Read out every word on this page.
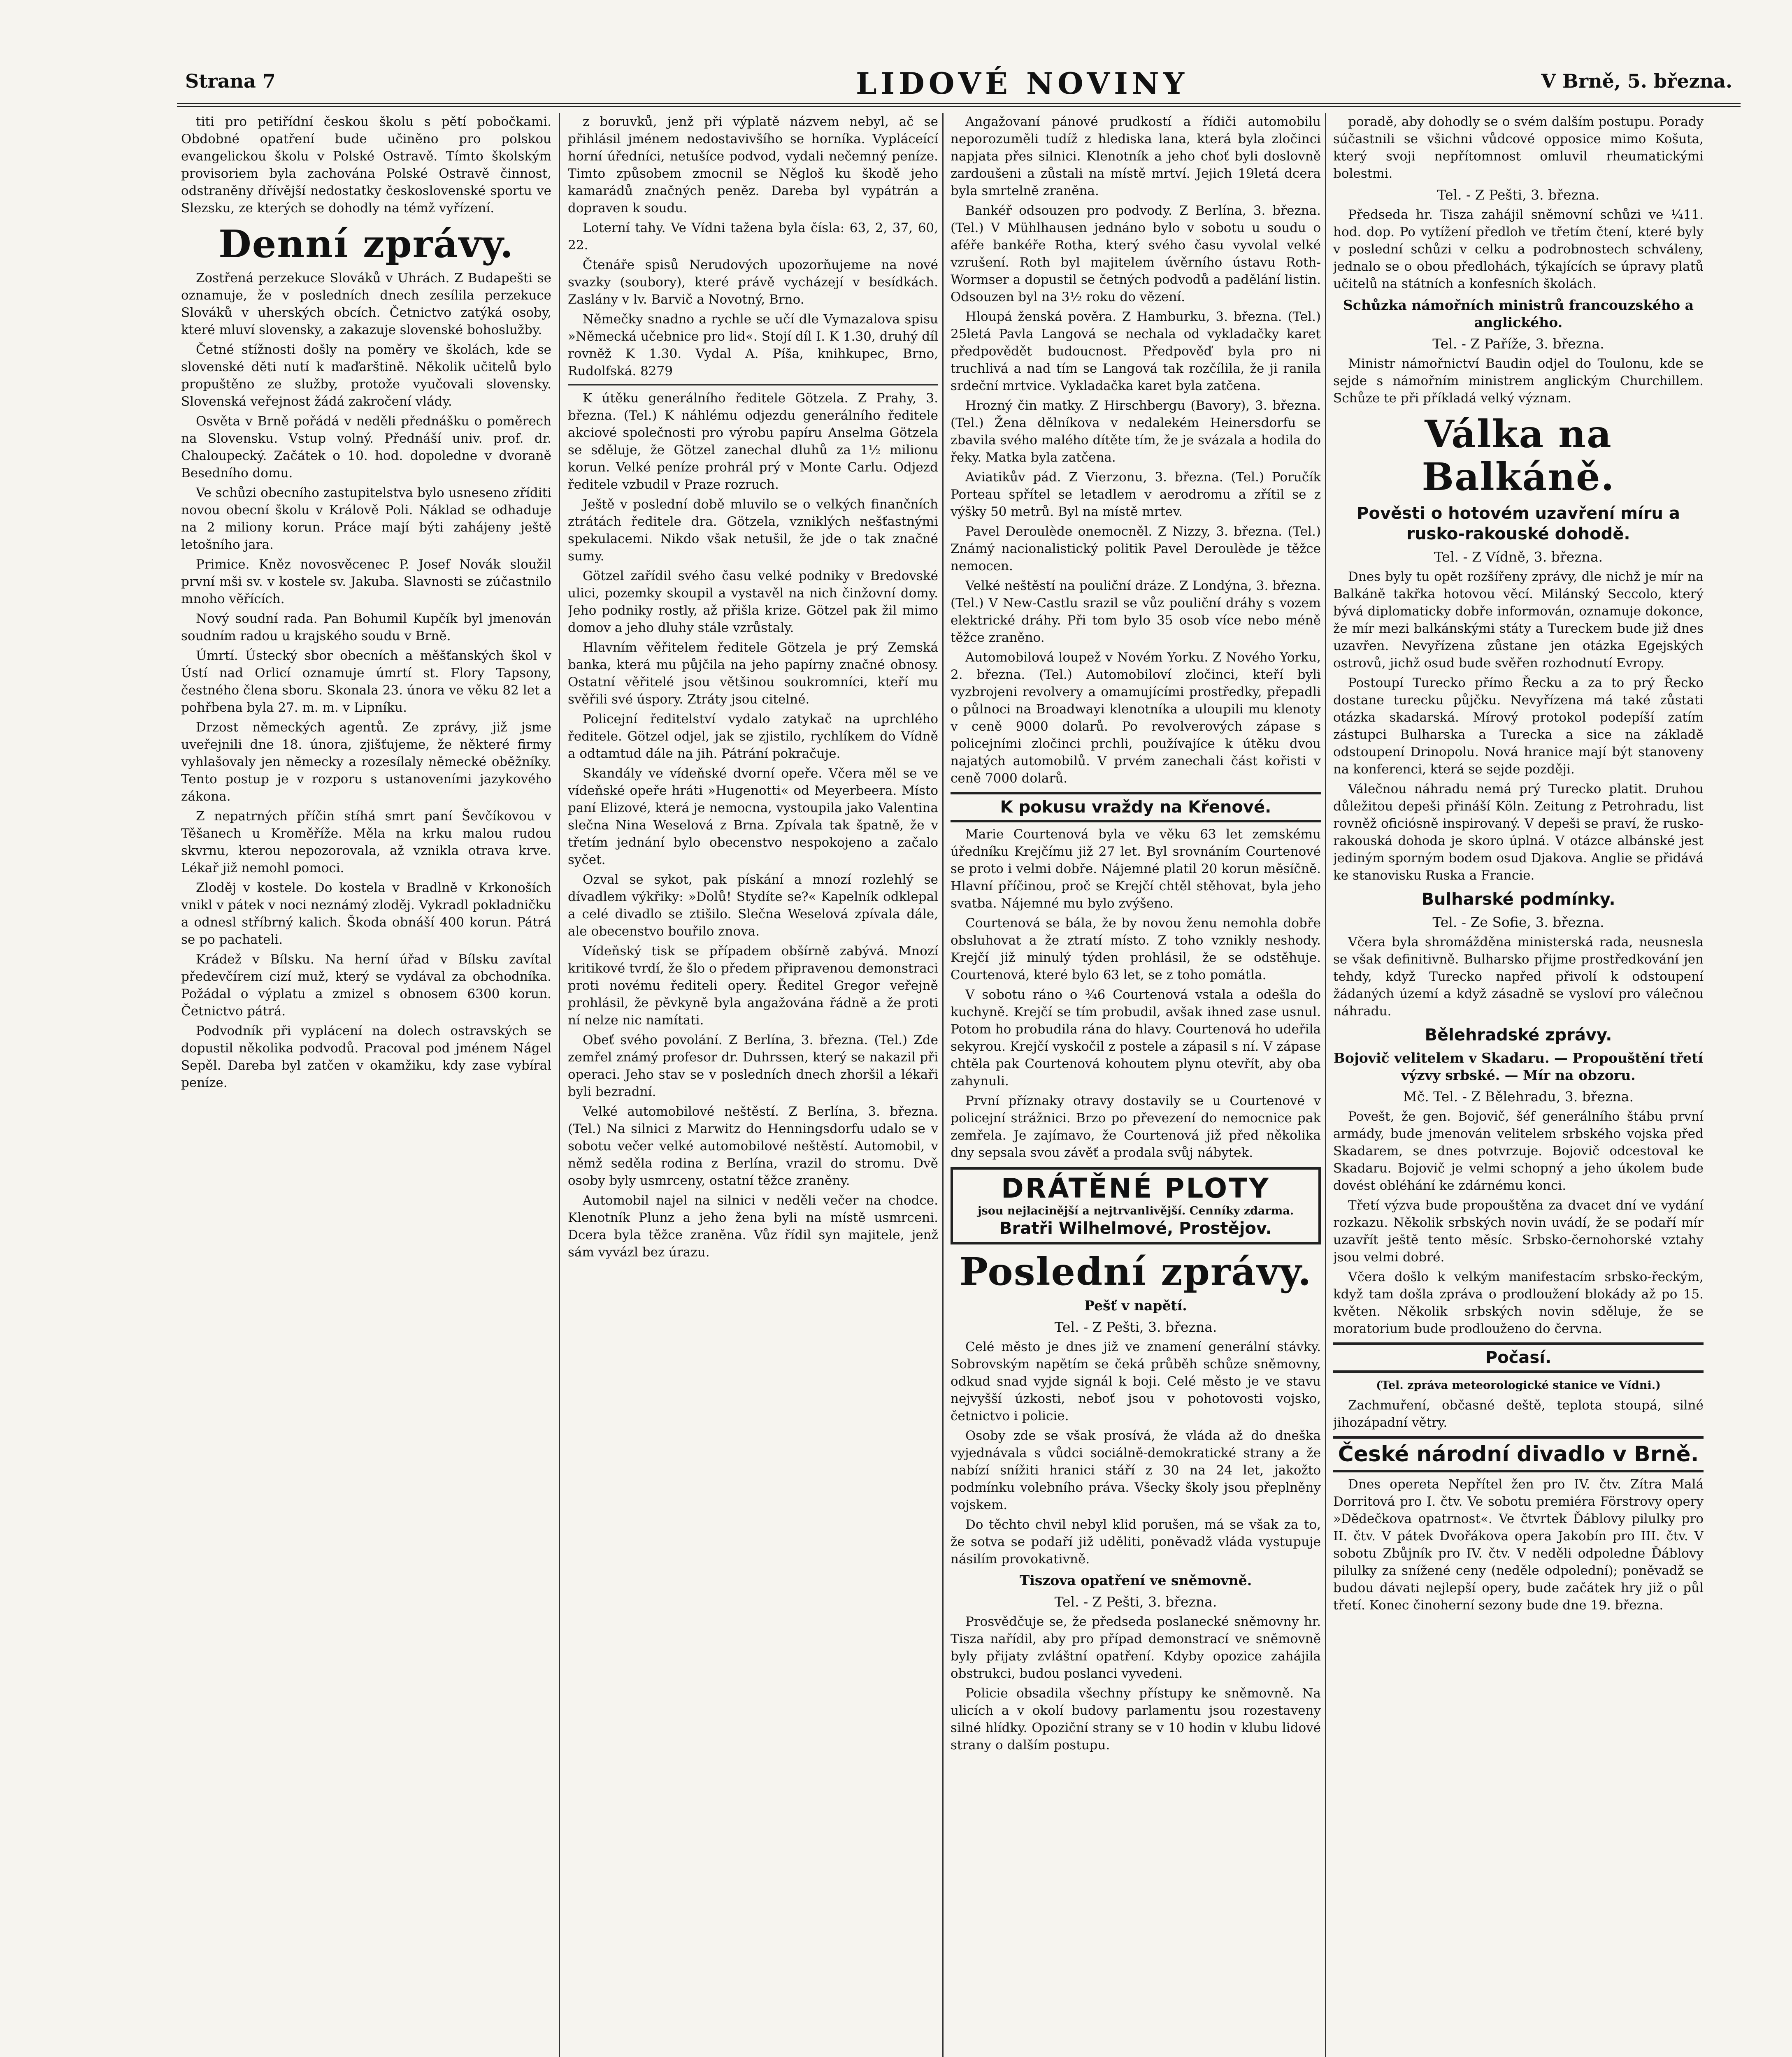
Strana 7	LIDOVÉ NOVINY	V Brně, 5. března.

titi pro petiřídní českou školu s pětí pobočkami. Obdobné opatření bude učiněno pro polskou evangelickou školu v Polské Ostravě. Tímto školským provisoriem byla zachována Polské Ostravě činnost, odstraněny dřívější nedostatky československé sportu ve Slezsku, ze kterých se dohodly na témž vyřízení.

Denní zprávy.

Zostřená perzekuce Slováků v Uhrách. Z Budapešti se oznamuje, že v posledních dnech zesílila perzekuce Slováků v uherských obcích. Četnictvo zatýká osoby, které mluví slovensky, a zakazuje slovenské bohoslužby.

Četné stížnosti došly na poměry ve školách, kde se slovenské děti nutí k maďarštině. Několik učitelů bylo propuštěno ze služby, protože vyučovali slovensky. Slovenská veřejnost žádá zakročení vlády.

Osvěta v Brně pořádá v neděli přednášku o poměrech na Slovensku. Vstup volný. Přednáší univ. prof. dr. Chaloupecký. Začátek o 10. hod. dopoledne v dvoraně Besedního domu.

Ve schůzi obecního zastupitelstva bylo usneseno zříditi novou obecní školu v Králově Poli. Náklad se odhaduje na 2 miliony korun. Práce mají býti zahájeny ještě letošního jara.

Primice. Kněz novosvěcenec P. Josef Novák sloužil první mši sv. v kostele sv. Jakuba. Slavnosti se zúčastnilo mnoho věřících.

Nový soudní rada. Pan Bohumil Kupčík byl jmenován soudním radou u krajského soudu v Brně.

Úmrtí. Ústecký sbor obecních a měšťanských škol v Ústí nad Orlicí oznamuje úmrtí st. Flory Tapsony, čestného člena sboru. Skonala 23. února ve věku 82 let a pohřbena byla 27. m. m. v Lipníku.

Drzost německých agentů. Ze zprávy, již jsme uveřejnili dne 18. února, zjišťujeme, že některé firmy vyhlašovaly jen německy a rozesílaly německé oběžníky. Tento postup je v rozporu s ustanoveními jazykového zákona.

Z nepatrných příčin stíhá smrt paní Ševčíkovou v Těšanech u Kroměříže. Měla na krku malou rudou skvrnu, kterou nepozorovala, až vznikla otrava krve. Lékař již nemohl pomoci.

Zloděj v kostele. Do kostela v Bradlně v Krkonoších vnikl v pátek v noci neznámý zloděj. Vykradl pokladničku a odnesl stříbrný kalich. Škoda obnáší 400 korun. Pátrá se po pachateli.

Krádež v Bílsku. Na herní úřad v Bílsku zavítal předevčírem cizí muž, který se vydával za obchodníka. Požádal o výplatu a zmizel s obnosem 6300 korun. Četnictvo pátrá.

Podvodník při vyplácení na dolech ostravských se dopustil několika podvodů. Pracoval pod jménem Nágel Sepěl. Dareba byl zatčen v okamžiku, kdy zase vybíral peníze.

z boruvků, jenž při výplatě názvem nebyl, ač se přihlásil jménem nedostavivšího se horníka. Vypláceící horní úředníci, netušíce podvod, vydali nečemný peníze. Timto způsobem zmocnil se Něgloš ku škodě jeho kamarádů značných peněz. Dareba byl vypátrán a dopraven k soudu.

Loterní tahy. Ve Vídni tažena byla čísla: 63, 2, 37, 60, 22.

Čtenáře spisů Nerudových upozorňujeme na nové svazky (soubory), které právě vycházejí v besídkách. Zaslány v lv. Barvič a Novotný, Brno.

Němečky snadno a rychle se učí dle Vymazalova spisu »Německá učebnice pro lid«. Stojí díl I. K 1.30, druhý díl rovněž K 1.30. Vydal A. Píša, knihkupec, Brno, Rudolfská. 8279

K útěku generálního ředitele Götzela. Z Prahy, 3. března. (Tel.) K náhlému odjezdu generálního ředitele akciové společnosti pro výrobu papíru Anselma Götzela se sděluje, že Götzel zanechal dluhů za 1½ milionu korun. Velké peníze prohrál prý v Monte Carlu. Odjezd ředitele vzbudil v Praze rozruch.

Ještě v poslední době mluvilo se o velkých finančních ztrátách ředitele dra. Götzela, vzniklých nešťastnými spekulacemi. Nikdo však netušil, že jde o tak značné sumy.

Götzel zařídil svého času velké podniky v Bredovské ulici, pozemky skoupil a vystavěl na nich činžovní domy. Jeho podniky rostly, až přišla krize. Götzel pak žil mimo domov a jeho dluhy stále vzrůstaly.

Hlavním věřitelem ředitele Götzela je prý Zemská banka, která mu půjčila na jeho papírny značné obnosy. Ostatní věřitelé jsou většinou soukromníci, kteří mu svěřili své úspory. Ztráty jsou citelné.

Policejní ředitelství vydalo zatykač na uprchlého ředitele. Götzel odjel, jak se zjistilo, rychlíkem do Vídně a odtamtud dále na jih. Pátrání pokračuje.

Skandály ve vídeňské dvorní opeře. Včera měl se ve vídeňské opeře hráti »Hugenotti« od Meyerbeera. Místo paní Elizové, která je nemocna, vystoupila jako Valentina slečna Nina Weselová z Brna. Zpívala tak špatně, že v třetím jednání bylo obecenstvo nespokojeno a začalo syčet.

Ozval se sykot, pak pískání a mnozí rozlehlý se dívadlem výkřiky: »Dolů! Stydíte se?« Kapelník odklepal a celé divadlo se ztišilo. Slečna Weselová zpívala dále, ale obecenstvo bouřilo znova.

Vídeňský tisk se případem obšírně zabývá. Mnozí kritikové tvrdí, že šlo o předem připravenou demonstraci proti novému řediteli opery. Ředitel Gregor veřejně prohlásil, že pěvkyně byla angažována řádně a že proti ní nelze nic namítati.

Obeť svého povolání. Z Berlína, 3. března. (Tel.) Zde zemřel známý profesor dr. Duhrssen, který se nakazil při operaci. Jeho stav se v posledních dnech zhoršil a lékaři byli bezradní.

Velké automobilové neštěstí. Z Berlína, 3. března. (Tel.) Na silnici z Marwitz do Henningsdorfu udalo se v sobotu večer velké automobilové neštěstí. Automobil, v němž seděla rodina z Berlína, vrazil do stromu. Dvě osoby byly usmrceny, ostatní těžce zraněny.

Automobil najel na silnici v neděli večer na chodce. Klenotník Plunz a jeho žena byli na místě usmrceni. Dcera byla těžce zraněna. Vůz řídil syn majitele, jenž sám vyvázl bez úrazu.

Angažovaní pánové prudkostí a řídiči automobilu neporozuměli tudíž z hlediska lana, která byla zločinci napjata přes silnici. Klenotník a jeho choť byli doslovně zardoušeni a zůstali na místě mrtví. Jejich 19letá dcera byla smrtelně zraněna.

Bankéř odsouzen pro podvody. Z Berlína, 3. března. (Tel.) V Mühlhausen jednáno bylo v sobotu u soudu o aféře bankéře Rotha, který svého času vyvolal velké vzrušení. Roth byl majitelem úvěrního ústavu Roth-Wormser a dopustil se četných podvodů a padělání listin. Odsouzen byl na 3½ roku do vězení.

Hloupá ženská pověra. Z Hamburku, 3. března. (Tel.) 25letá Pavla Langová se nechala od vykladačky karet předpovědět budoucnost. Předpověď byla pro ni truchlivá a nad tím se Langová tak rozčílila, že ji ranila srdeční mrtvice. Vykladačka karet byla zatčena.

Hrozný čin matky. Z Hirschbergu (Bavory), 3. března. (Tel.) Žena dělníkova v nedalekém Heinersdorfu se zbavila svého malého dítěte tím, že je svázala a hodila do řeky. Matka byla zatčena.

Aviatikův pád. Z Vierzonu, 3. března. (Tel.) Poručík Porteau spřítel se letadlem v aerodromu a zřítil se z výšky 50 metrů. Byl na místě mrtev.

Pavel Deroulède onemocněl. Z Nizzy, 3. března. (Tel.) Známý nacionalistický politik Pavel Deroulède je těžce nemocen.

Velké neštěstí na pouliční dráze. Z Londýna, 3. března. (Tel.) V New-Castlu srazil se vůz pouliční dráhy s vozem elektrické dráhy. Při tom bylo 35 osob více nebo méně těžce zraněno.

Automobilová loupež v Novém Yorku. Z Nového Yorku, 2. března. (Tel.) Automobiloví zločinci, kteří byli vyzbrojeni revolvery a omamujícími prostředky, přepadli o půlnoci na Broadwayi klenotníka a uloupili mu klenoty v ceně 9000 dolarů. Po revolverových zápase s policejními zločinci prchli, používajíce k útěku dvou najatých automobilů. V prvém zanechali část kořisti v ceně 7000 dolarů.

K pokusu vraždy na Křenové.

Marie Courtenová byla ve věku 63 let zemskému úředníku Krejčímu již 27 let. Byl srovnáním Courtenové se proto i velmi dobře. Nájemné platil 20 korun měsíčně. Hlavní příčinou, proč se Krejčí chtěl stěhovat, byla jeho svatba. Nájemné mu bylo zvýšeno.

Courtenová se bála, že by novou ženu nemohla dobře obsluhovat a že ztratí místo. Z toho vznikly neshody. Krejčí již minulý týden prohlásil, že se odstěhuje. Courtenová, které bylo 63 let, se z toho pomátla.

V sobotu ráno o ¾6 Courtenová vstala a odešla do kuchyně. Krejčí se tím probudil, avšak ihned zase usnul. Potom ho probudila rána do hlavy. Courtenová ho udeřila sekyrou. Krejčí vyskočil z postele a zápasil s ní. V zápase chtěla pak Courtenová kohoutem plynu otevřít, aby oba zahynuli.

První příznaky otravy dostavily se u Courtenové v policejní strážnici. Brzo po převezení do nemocnice pak zemřela. Je zajímavo, že Courtenová již před několika dny sepsala svou závěť a prodala svůj nábytek.

DRÁTĚNÉ PLOTY
jsou nejlacinější a nejtrvanlivější. Cenníky zdarma.
Bratři Wilhelmové, Prostějov.
Poslední zprávy.
Pešť v napětí.
Tel. - Z Pešti, 3. března.

Celé město je dnes již ve znamení generální stávky. Sobrovským napětím se čeká průběh schůze sněmovny, odkud snad vyjde signál k boji. Celé město je ve stavu nejvyšší úzkosti, neboť jsou v pohotovosti vojsko, četnictvo i policie.

Osoby zde se však prosívá, že vláda až do dneška vyjednávala s vůdci sociálně-demokratické strany a že nabízí snížiti hranici stáří z 30 na 24 let, jakožto podmínku volebního práva. Všecky školy jsou přeplněny vojskem.

Do těchto chvil nebyl klid porušen, má se však za to, že sotva se podaří již uděliti, poněvadž vláda vystupuje násilím provokativně.

Tiszova opatření ve sněmovně.
Tel. - Z Pešti, 3. března.

Prosvědčuje se, že předseda poslanecké sněmovny hr. Tisza nařídil, aby pro případ demonstrací ve sněmovně byly přijaty zvláštní opatření. Kdyby opozice zahájila obstrukci, budou poslanci vyvedeni.

Policie obsadila všechny přístupy ke sněmovně. Na ulicích a v okolí budovy parlamentu jsou rozestaveny silné hlídky. Opoziční strany se v 10 hodin v klubu lidové strany o dalším postupu.

poradě, aby dohodly se o svém dalším postupu. Porady súčastnili se všichni vůdcové opposice mimo Košuta, který svoji nepřítomnost omluvil rheumatickými bolestmi.

Tel. - Z Pešti, 3. března.

Předseda hr. Tisza zahájil sněmovní schůzi ve ¼11. hod. dop. Po vytížení předloh ve třetím čtení, které byly v poslední schůzi v celku a podrobnostech schváleny, jednalo se o obou předlohách, týkajících se úpravy platů učitelů na státních a konfesních školách.

Schůzka námořních ministrů francouzského a anglického.
Tel. - Z Paříže, 3. března.

Ministr námořnictví Baudin odjel do Toulonu, kde se sejde s námořním ministrem anglickým Churchillem. Schůze te při příkladá velký význam.

Válka na Balkáně.
Pověsti o hotovém uzavření míru a rusko-rakouské dohodě.
Tel. - Z Vídně, 3. března.

Dnes byly tu opět rozšířeny zprávy, dle nichž je mír na Balkáně takřka hotovou věcí. Milánský Seccolo, který bývá diplomaticky dobře informován, oznamuje dokonce, že mír mezi balkánskými státy a Tureckem bude již dnes uzavřen. Nevyřízena zůstane jen otázka Egejských ostrovů, jichž osud bude svěřen rozhodnutí Evropy.

Postoupí Turecko přímo Řecku a za to prý Řecko dostane turecku půjčku. Nevyřízena má také zůstati otázka skadarská. Mírový protokol podepíší zatím zástupci Bulharska a Turecka a sice na základě odstoupení Drinopolu. Nová hranice mají být stanoveny na konferenci, která se sejde později.

Válečnou náhradu nemá prý Turecko platit. Druhou důležitou depeši přináší Köln. Zeitung z Petrohradu, list rovněž oficiósně inspirovaný. V depeši se praví, že rusko-rakouská dohoda je skoro úplná. V otázce albánské jest jediným sporným bodem osud Djakova. Anglie se přidává ke stanovisku Ruska a Francie.

Bulharské podmínky.
Tel. - Ze Sofie, 3. března.

Včera byla shromážděna ministerská rada, neusnesla se však definitivně. Bulharsko přijme prostředkování jen tehdy, když Turecko napřed přivolí k odstoupení žádaných území a když zásadně se vysloví pro válečnou náhradu.

Bělehradské zprávy.
Bojovič velitelem v Skadaru. — Propouštění třetí výzvy srbské. — Mír na obzoru.
Mč. Tel. - Z Bělehradu, 3. března.

Povešt, že gen. Bojovič, šéf generálního štábu první armády, bude jmenován velitelem srbského vojska před Skadarem, se dnes potvrzuje. Bojovič odcestoval ke Skadaru. Bojovič je velmi schopný a jeho úkolem bude dovést obléhání ke zdárnému konci.

Třetí výzva bude propouštěna za dvacet dní ve vydání rozkazu. Několik srbských novin uvádí, že se podaří mír uzavřít ještě tento měsíc. Srbsko-černohorské vztahy jsou velmi dobré.

Včera došlo k velkým manifestacím srbsko-řeckým, když tam došla zpráva o prodloužení blokády až po 15. květen. Několik srbských novin sděluje, že se moratorium bude prodlouženo do června.

Počasí.
(Tel. zpráva meteorologické stanice ve Vídni.)

Zachmuření, občasné deště, teplota stoupá, silné jihozápadní větry.

České národní divadlo v Brně.

Dnes opereta Nepřítel žen pro IV. čtv. Zítra Malá Dorritová pro I. čtv. Ve sobotu premiéra Förstrovy opery »Dědečkova opatrnost«. Ve čtvrtek Ďáblovy pilulky pro II. čtv. V pátek Dvořákova opera Jakobín pro III. čtv. V sobotu Zbůjník pro IV. čtv. V neděli odpoledne Ďáblovy pilulky za snížené ceny (neděle odpolední); poněvadž se budou dávati nejlepší opery, bude začátek hry již o půl třetí. Konec činoherní sezony bude dne 19. března.
